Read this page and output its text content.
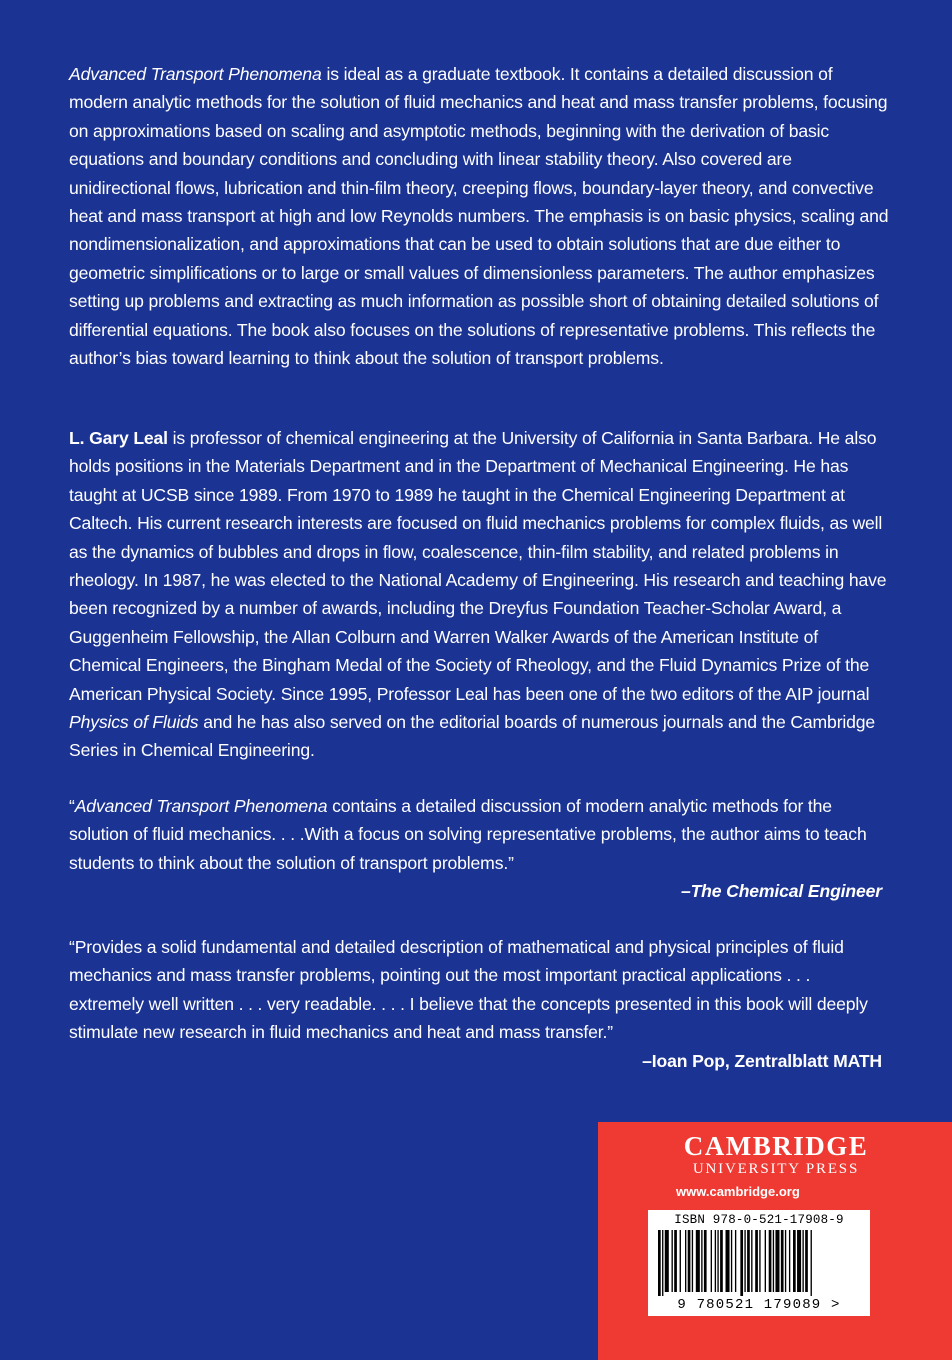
Advanced Transport Phenomena is ideal as a graduate textbook. It contains a detailed discussion of modern analytic methods for the solution of fluid mechanics and heat and mass transfer problems, focusing on approximations based on scaling and asymptotic methods, beginning with the derivation of basic equations and boundary conditions and concluding with linear stability theory. Also covered are unidirectional flows, lubrication and thin-film theory, creeping flows, boundary-layer theory, and convective heat and mass transport at high and low Reynolds numbers. The emphasis is on basic physics, scaling and nondimensionalization, and approximations that can be used to obtain solutions that are due either to geometric simplifications or to large or small values of dimensionless parameters. The author emphasizes setting up problems and extracting as much information as possible short of obtaining detailed solutions of differential equations. The book also focuses on the solutions of representative problems. This reflects the author’s bias toward learning to think about the solution of transport problems.
L. Gary Leal is professor of chemical engineering at the University of California in Santa Barbara. He also holds positions in the Materials Department and in the Department of Mechanical Engineering. He has taught at UCSB since 1989. From 1970 to 1989 he taught in the Chemical Engineering Department at Caltech. His current research interests are focused on fluid mechanics problems for complex fluids, as well as the dynamics of bubbles and drops in flow, coalescence, thin-film stability, and related problems in rheology. In 1987, he was elected to the National Academy of Engineering. His research and teaching have been recognized by a number of awards, including the Dreyfus Foundation Teacher-Scholar Award, a Guggenheim Fellowship, the Allan Colburn and Warren Walker Awards of the American Institute of Chemical Engineers, the Bingham Medal of the Society of Rheology, and the Fluid Dynamics Prize of the American Physical Society. Since 1995, Professor Leal has been one of the two editors of the AIP journal Physics of Fluids and he has also served on the editorial boards of numerous journals and the Cambridge Series in Chemical Engineering.
“Advanced Transport Phenomena contains a detailed discussion of modern analytic methods for the solution of fluid mechanics. . . .With a focus on solving representative problems, the author aims to teach students to think about the solution of transport problems.”
–The Chemical Engineer
“Provides a solid fundamental and detailed description of mathematical and physical principles of fluid mechanics and mass transfer problems, pointing out the most important practical applications . . . extremely well written . . . very readable. . . . I believe that the concepts presented in this book will deeply stimulate new research in fluid mechanics and heat and mass transfer.”
–Ioan Pop, Zentralblatt MATH
CAMBRIDGE
UNIVERSITY PRESS
www.cambridge.org
ISBN 978-0-521-17908-9
9 780521 179089 >
